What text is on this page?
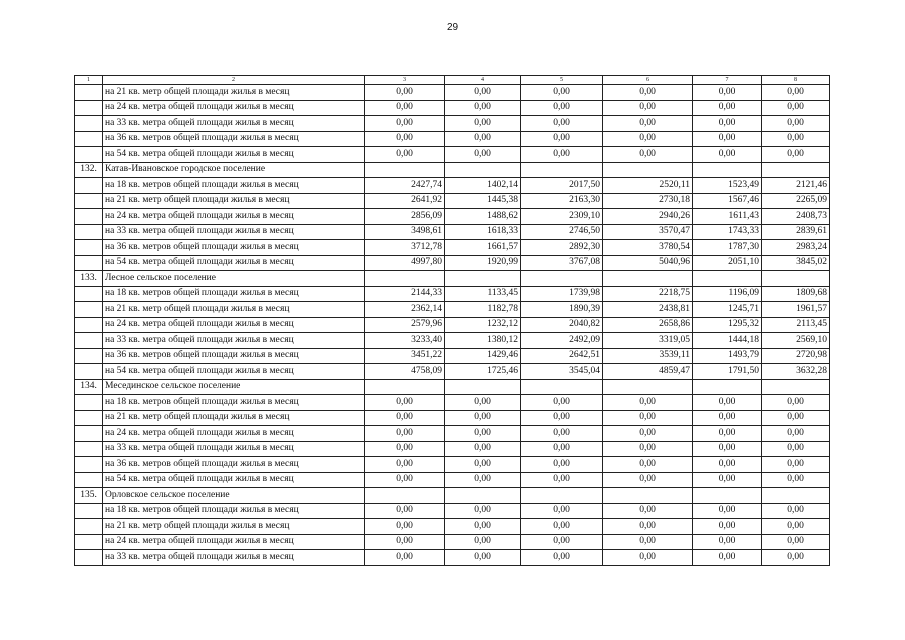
29
1	2	3	4	5	6	7	8
	на 21 кв. метр общей площади жилья в месяц	0,00	0,00	0,00	0,00	0,00	0,00
	на 24 кв. метра общей площади жилья в месяц	0,00	0,00	0,00	0,00	0,00	0,00
	на 33 кв. метра общей площади жилья в месяц	0,00	0,00	0,00	0,00	0,00	0,00
	на 36 кв. метров общей площади жилья в месяц	0,00	0,00	0,00	0,00	0,00	0,00
	на 54 кв. метра общей площади жилья в месяц	0,00	0,00	0,00	0,00	0,00	0,00
132.	Катав-Ивановское городское поселение						
	на 18 кв. метров общей площади жилья в месяц	2427,74	1402,14	2017,50	2520,11	1523,49	2121,46
	на 21 кв. метр общей площади жилья в месяц	2641,92	1445,38	2163,30	2730,18	1567,46	2265,09
	на 24 кв. метра общей площади жилья в месяц	2856,09	1488,62	2309,10	2940,26	1611,43	2408,73
	на 33 кв. метра общей площади жилья в месяц	3498,61	1618,33	2746,50	3570,47	1743,33	2839,61
	на 36 кв. метров общей площади жилья в месяц	3712,78	1661,57	2892,30	3780,54	1787,30	2983,24
	на 54 кв. метра общей площади жилья в месяц	4997,80	1920,99	3767,08	5040,96	2051,10	3845,02
133.	Лесное сельское поселение						
	на 18 кв. метров общей площади жилья в месяц	2144,33	1133,45	1739,98	2218,75	1196,09	1809,68
	на 21 кв. метр общей площади жилья в месяц	2362,14	1182,78	1890,39	2438,81	1245,71	1961,57
	на 24 кв. метра общей площади жилья в месяц	2579,96	1232,12	2040,82	2658,86	1295,32	2113,45
	на 33 кв. метра общей площади жилья в месяц	3233,40	1380,12	2492,09	3319,05	1444,18	2569,10
	на 36 кв. метров общей площади жилья в месяц	3451,22	1429,46	2642,51	3539,11	1493,79	2720,98
	на 54 кв. метра общей площади жилья в месяц	4758,09	1725,46	3545,04	4859,47	1791,50	3632,28
134.	Месединское сельское поселение						
	на 18 кв. метров общей площади жилья в месяц	0,00	0,00	0,00	0,00	0,00	0,00
	на 21 кв. метр общей площади жилья в месяц	0,00	0,00	0,00	0,00	0,00	0,00
	на 24 кв. метра общей площади жилья в месяц	0,00	0,00	0,00	0,00	0,00	0,00
	на 33 кв. метра общей площади жилья в месяц	0,00	0,00	0,00	0,00	0,00	0,00
	на 36 кв. метров общей площади жилья в месяц	0,00	0,00	0,00	0,00	0,00	0,00
	на 54 кв. метра общей площади жилья в месяц	0,00	0,00	0,00	0,00	0,00	0,00
135.	Орловское сельское поселение						
	на 18 кв. метров общей площади жилья в месяц	0,00	0,00	0,00	0,00	0,00	0,00
	на 21 кв. метр общей площади жилья в месяц	0,00	0,00	0,00	0,00	0,00	0,00
	на 24 кв. метра общей площади жилья в месяц	0,00	0,00	0,00	0,00	0,00	0,00
	на 33 кв. метра общей площади жилья в месяц	0,00	0,00	0,00	0,00	0,00	0,00
